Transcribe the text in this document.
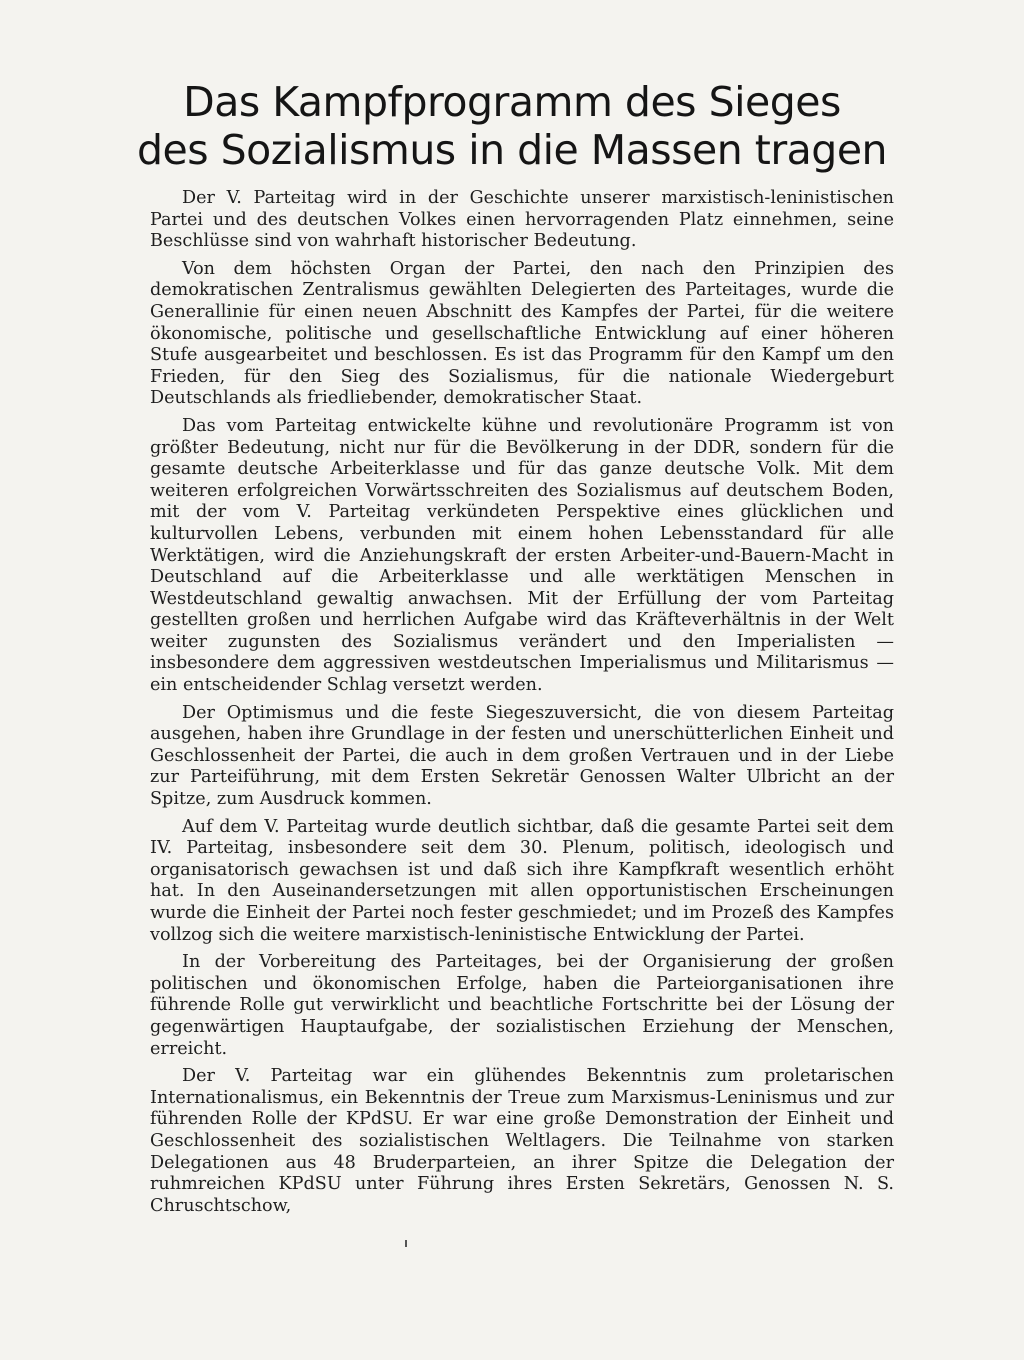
Das Kampfprogramm des Sieges
des Sozialismus in die Massen tragen

Der V. Parteitag wird in der Geschichte unserer marxistisch-leninistischen Partei und des deutschen Volkes einen hervorragenden Platz einnehmen, seine Beschlüsse sind von wahrhaft historischer Bedeutung.

Von dem höchsten Organ der Partei, den nach den Prinzipien des demokratischen Zentralismus gewählten Delegierten des Parteitages, wurde die Generallinie für einen neuen Abschnitt des Kampfes der Partei, für die weitere ökonomische, politische und gesellschaftliche Entwicklung auf einer höheren Stufe ausgearbeitet und beschlossen. Es ist das Programm für den Kampf um den Frieden, für den Sieg des Sozialismus, für die nationale Wiedergeburt Deutschlands als friedliebender, demokratischer Staat.

Das vom Parteitag entwickelte kühne und revolutionäre Programm ist von größter Bedeutung, nicht nur für die Bevölkerung in der DDR, sondern für die gesamte deutsche Arbeiterklasse und für das ganze deutsche Volk. Mit dem weiteren erfolgreichen Vorwärtsschreiten des Sozialismus auf deutschem Boden, mit der vom V. Parteitag verkündeten Perspektive eines glücklichen und kulturvollen Lebens, verbunden mit einem hohen Lebensstandard für alle Werktätigen, wird die Anziehungskraft der ersten Arbeiter-und-Bauern-Macht in Deutschland auf die Arbeiterklasse und alle werktätigen Menschen in Westdeutschland gewaltig anwachsen. Mit der Erfüllung der vom Parteitag gestellten großen und herrlichen Aufgabe wird das Kräfteverhältnis in der Welt weiter zugunsten des Sozialismus verändert und den Imperialisten — insbesondere dem aggressiven westdeutschen Imperialismus und Militarismus — ein entscheidender Schlag versetzt werden.

Der Optimismus und die feste Siegeszuversicht, die von diesem Parteitag ausgehen, haben ihre Grundlage in der festen und unerschütterlichen Einheit und Geschlossenheit der Partei, die auch in dem großen Vertrauen und in der Liebe zur Parteiführung, mit dem Ersten Sekretär Genossen Walter Ulbricht an der Spitze, zum Ausdruck kommen.

Auf dem V. Parteitag wurde deutlich sichtbar, daß die gesamte Partei seit dem IV. Parteitag, insbesondere seit dem 30. Plenum, politisch, ideologisch und organisatorisch gewachsen ist und daß sich ihre Kampfkraft wesentlich erhöht hat. In den Auseinandersetzungen mit allen opportunistischen Erscheinungen wurde die Einheit der Partei noch fester geschmiedet; und im Prozeß des Kampfes vollzog sich die weitere marxistisch-leninistische Entwicklung der Partei.

In der Vorbereitung des Parteitages, bei der Organisierung der großen politischen und ökonomischen Erfolge, haben die Parteiorganisationen ihre führende Rolle gut verwirklicht und beachtliche Fortschritte bei der Lösung der gegenwärtigen Hauptaufgabe, der sozialistischen Erziehung der Menschen, erreicht.

Der V. Parteitag war ein glühendes Bekenntnis zum proletarischen Internationalismus, ein Bekenntnis der Treue zum Marxismus-Leninismus und zur führenden Rolle der KPdSU. Er war eine große Demonstration der Einheit und Geschlossenheit des sozialistischen Weltlagers. Die Teilnahme von starken Delegationen aus 48 Bruderparteien, an ihrer Spitze die Delegation der ruhmreichen KPdSU unter Führung ihres Ersten Sekretärs, Genossen N. S. Chruschtschow,
